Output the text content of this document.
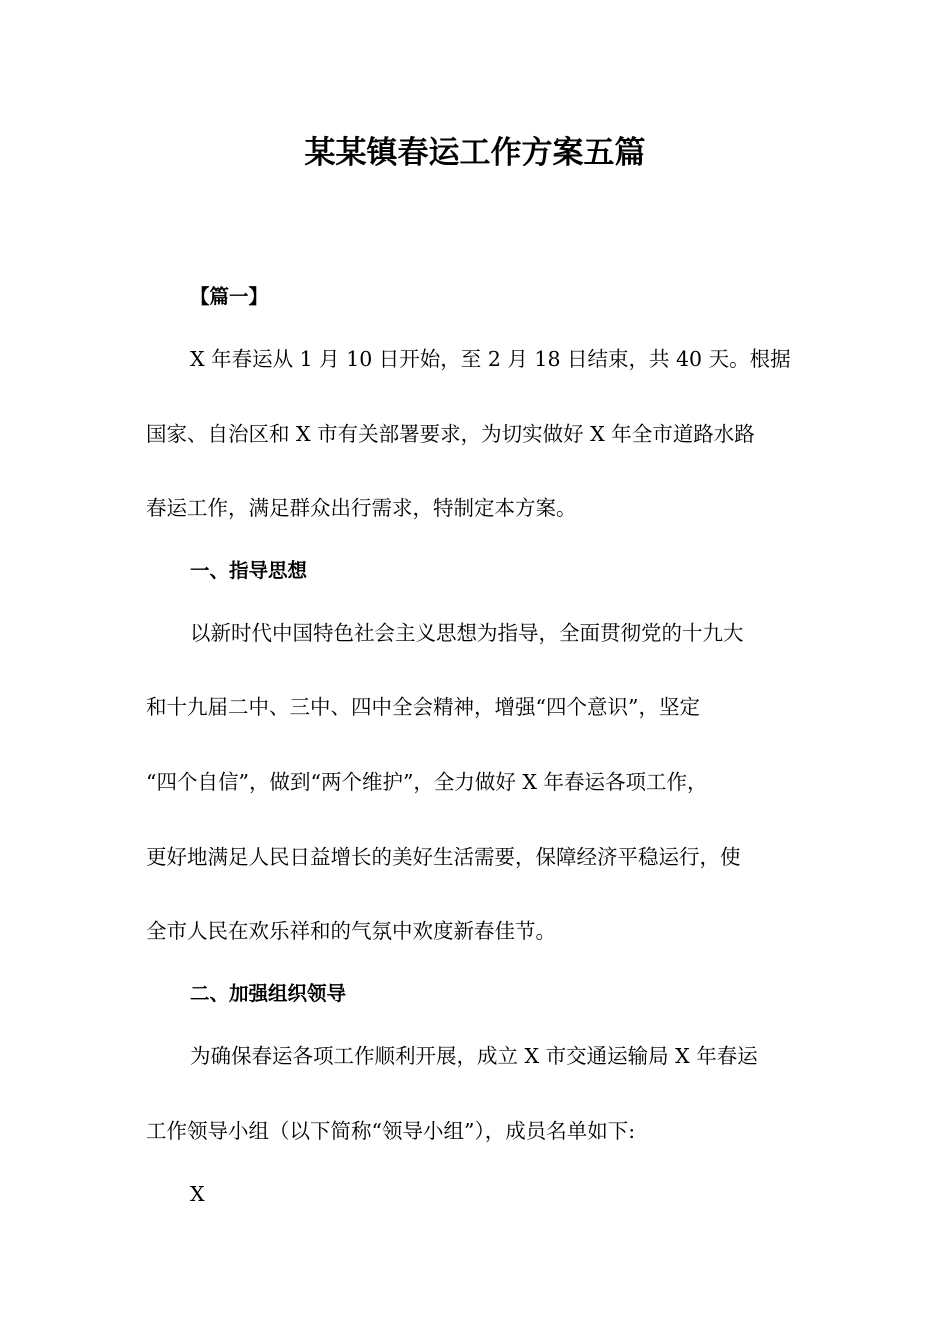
某某镇春运工作方案五篇
【篇一】
X 年春运从 1 月 10 日开始，至 2 月 18 日结束，共 40 天。根据
国家、自治区和 X 市有关部署要求，为切实做好 X 年全市道路水路
春运工作，满足群众出行需求，特制定本方案。
一、指导思想
以新时代中国特色社会主义思想为指导，全面贯彻党的十九大
和十九届二中、三中、四中全会精神，增强“四个意识”，坚定
“四个自信”，做到“两个维护”，全力做好 X 年春运各项工作，
更好地满足人民日益增长的美好生活需要，保障经济平稳运行，使
全市人民在欢乐祥和的气氛中欢度新春佳节。
二、加强组织领导
为确保春运各项工作顺利开展，成立 X 市交通运输局 X 年春运
工作领导小组（以下简称“领导小组”），成员名单如下:
X
